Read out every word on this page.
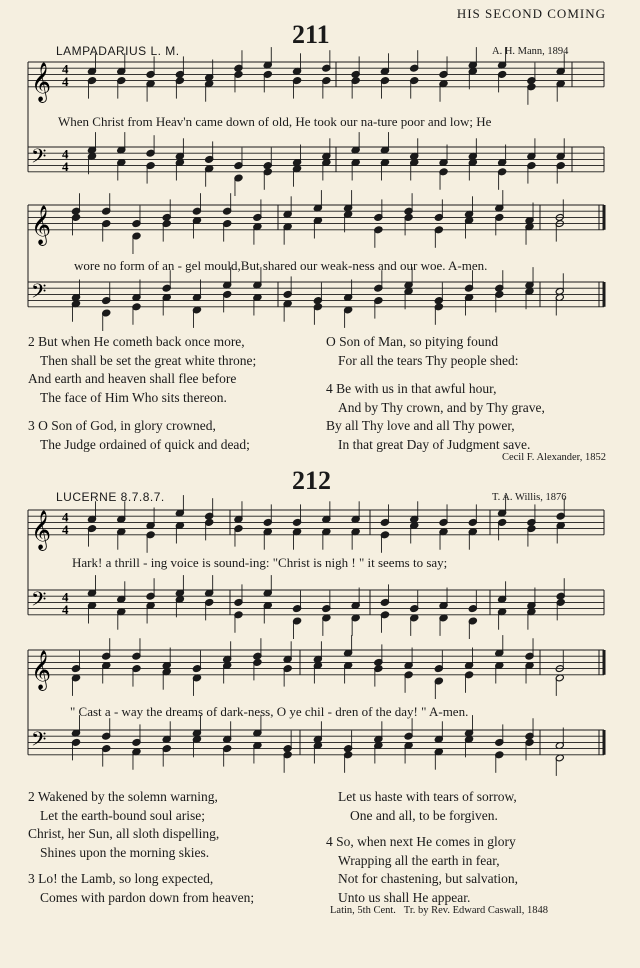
HIS SECOND COMING
211
LAMPADARIUS L. M.	A. H. Mann, 1894
𝄞 4
4
𝄢 4
4
𝄞
𝄢
𝄞 4
4
𝄢 4
4
𝄞
𝄢
When Christ from Heav'n came down of old, He took our na-ture poor and low; He
wore no form of an - gel mould,But shared our weak-ness and our woe. A-men.
2 But when He cometh back once more,
Then shall be set the great white throne;
And earth and heaven shall flee before
The face of Him Who sits thereon.
3 O Son of God, in glory crowned,
The Judge ordained of quick and dead;
O Son of Man, so pitying found
For all the tears Thy people shed:
4 Be with us in that awful hour,
And by Thy crown, and by Thy grave,
By all Thy love and all Thy power,
In that great Day of Judgment save.
Cecil F. Alexander, 1852
212
LUCERNE 8.7.8.7.	T. A. Willis, 1876
Hark! a thrill - ing voice is sound-ing: "Christ is nigh ! " it seems to say;
" Cast a - way the dreams of dark-ness, O ye chil - dren of the day! " A-men.
2 Wakened by the solemn warning,
Let the earth-bound soul arise;
Christ, her Sun, all sloth dispelling,
Shines upon the morning skies.
3 Lo! the Lamb, so long expected,
Comes with pardon down from heaven;
Let us haste with tears of sorrow,
One and all, to be forgiven.
4 So, when next He comes in glory
Wrapping all the earth in fear,
Not for chastening, but salvation,
Unto us shall He appear.
Latin, 5th Cent. Tr. by Rev. Edward Caswall, 1848
